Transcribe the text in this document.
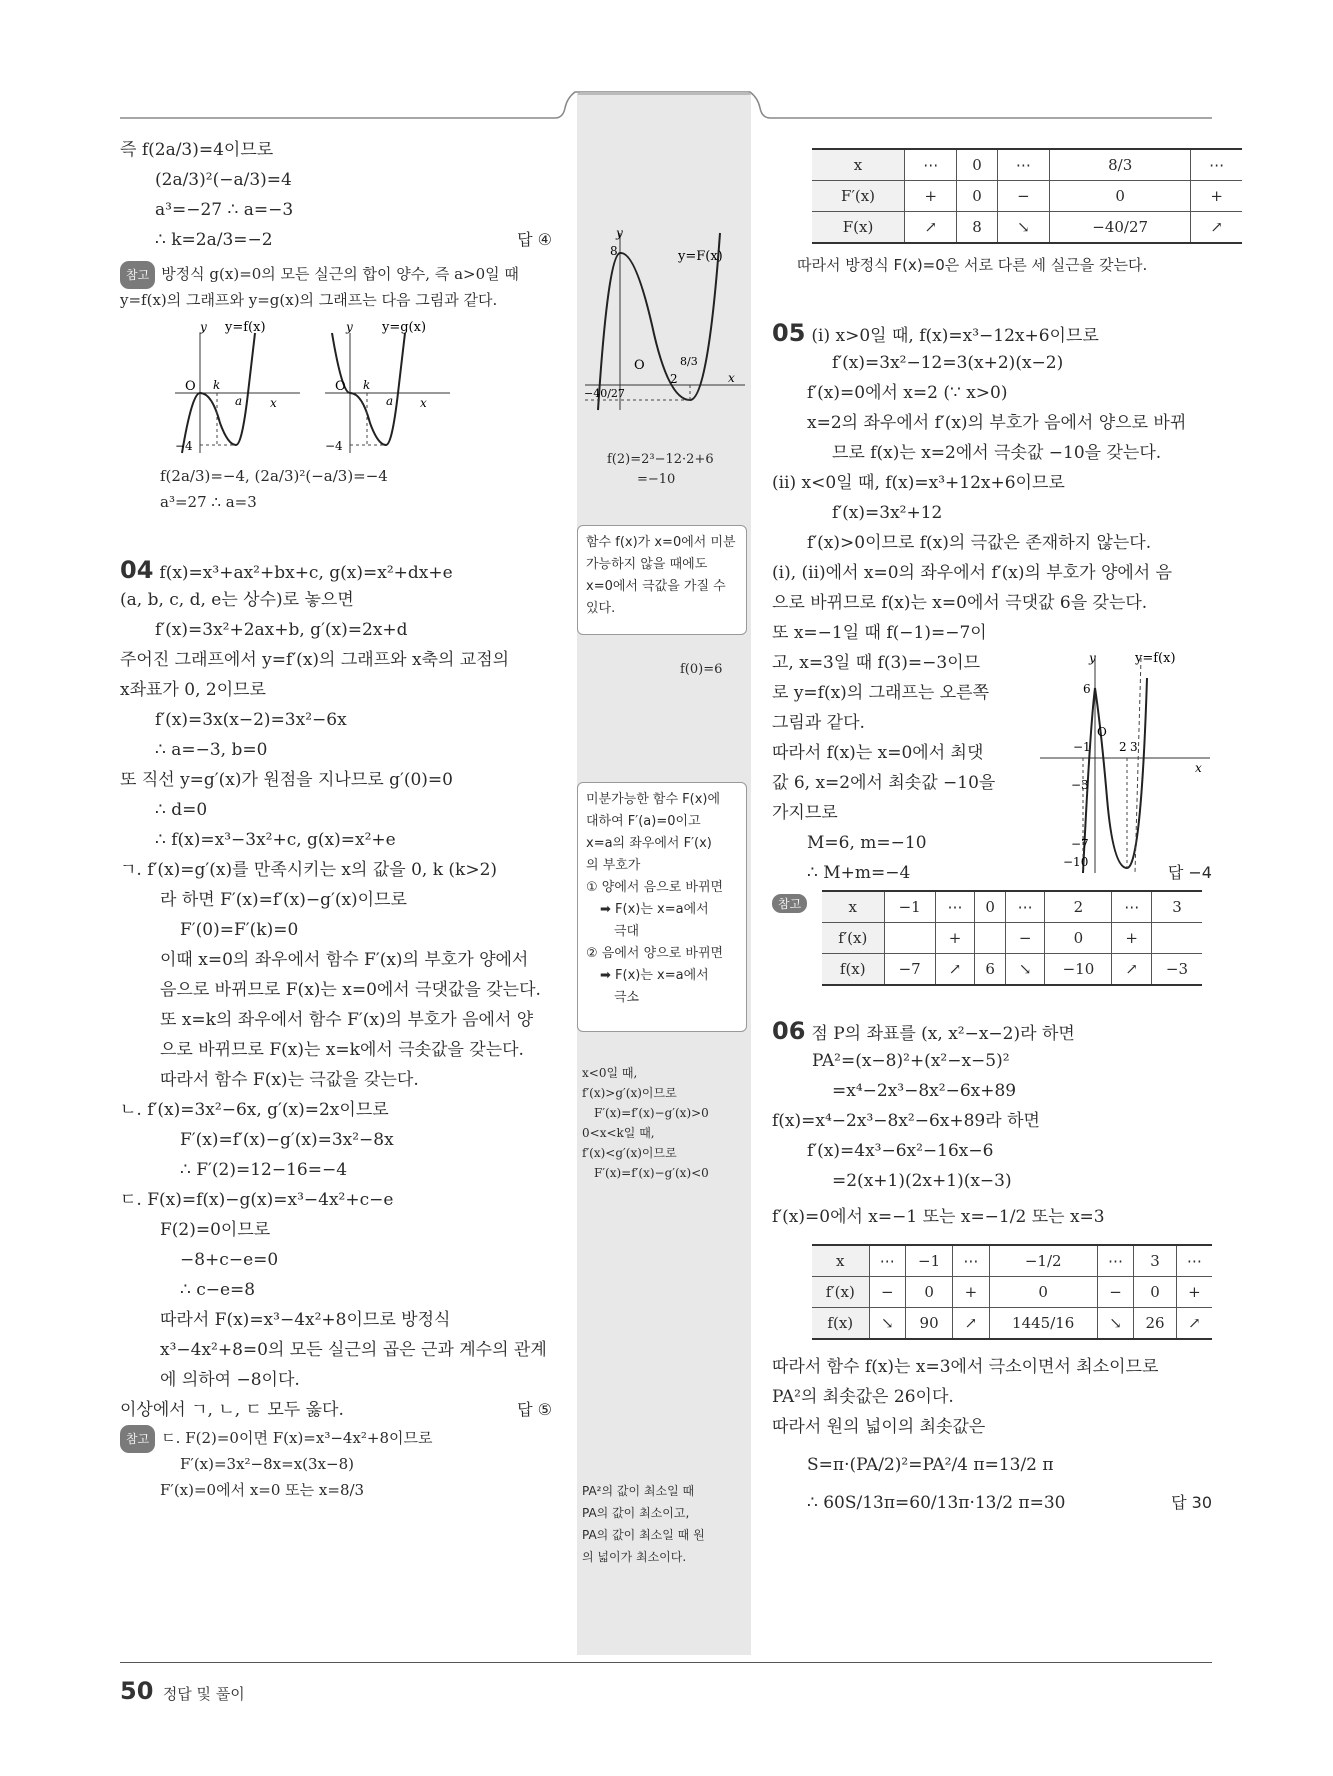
즉 f(2a/3)=4이므로
(2a/3)²(−a/3)=4
a³=−27 ∴ a=−3
∴ k=2a/3=−2	답 ④
참고 방정식 g(x)=0의 모든 실근의 합이 양수, 즉 a>0일 때
y=f(x)의 그래프와 y=g(x)의 그래프는 다음 그림과 같다.
y y=f(x)
O k
a x
−4
y y=g(x)
O k
a x
−4
f(2a/3)=−4, (2a/3)²(−a/3)=−4
a³=27 ∴ a=3
04 f(x)=x³+ax²+bx+c, g(x)=x²+dx+e
(a, b, c, d, e는 상수)로 놓으면
f′(x)=3x²+2ax+b, g′(x)=2x+d
주어진 그래프에서 y=f′(x)의 그래프와 x축의 교점의
x좌표가 0, 2이므로
f′(x)=3x(x−2)=3x²−6x
∴ a=−3, b=0
또 직선 y=g′(x)가 원점을 지나므로 g′(0)=0
∴ d=0
∴ f(x)=x³−3x²+c, g(x)=x²+e
ㄱ. f′(x)=g′(x)를 만족시키는 x의 값을 0, k (k>2)
라 하면 F′(x)=f′(x)−g′(x)이므로
F′(0)=F′(k)=0
이때 x=0의 좌우에서 함수 F′(x)의 부호가 양에서
음으로 바뀌므로 F(x)는 x=0에서 극댓값을 갖는다.
또 x=k의 좌우에서 함수 F′(x)의 부호가 음에서 양
으로 바뀌므로 F(x)는 x=k에서 극솟값을 갖는다.
따라서 함수 F(x)는 극값을 갖는다.
ㄴ. f′(x)=3x²−6x, g′(x)=2x이므로
F′(x)=f′(x)−g′(x)=3x²−8x
∴ F′(2)=12−16=−4
ㄷ. F(x)=f(x)−g(x)=x³−4x²+c−e
F(2)=0이므로
−8+c−e=0
∴ c−e=8
따라서 F(x)=x³−4x²+8이므로 방정식
x³−4x²+8=0의 모든 실근의 곱은 근과 계수의 관계
에 의하여 −8이다.
이상에서 ㄱ, ㄴ, ㄷ 모두 옳다.	답 ⑤
참고 ㄷ. F(2)=0이면 F(x)=x³−4x²+8이므로
F′(x)=3x²−8x=x(3x−8)
F′(x)=0에서 x=0 또는 x=8/3
y
y=F(x)
8
O
2
8/3
x
−40/27
f(2)=2³−12·2+6
=−10
함수 f(x)가 x=0에서 미분가능하지 않을 때에도 x=0에서 극값을 가질 수 있다.
f(0)=6
미분가능한 함수 F(x)에
대하여 F′(a)=0이고
x=a의 좌우에서 F′(x)
의 부호가
① 양에서 음으로 바뀌면
➡ F(x)는 x=a에서
극대
② 음에서 양으로 바뀌면
➡ F(x)는 x=a에서
극소
x<0일 때,
f′(x)>g′(x)이므로
F′(x)=f′(x)−g′(x)>0
0<x<k일 때,
f′(x)<g′(x)이므로
F′(x)=f′(x)−g′(x)<0
PA²의 값이 최소일 때
PA의 값이 최소이고,
PA의 값이 최소일 때 원
의 넓이가 최소이다.
x	⋯	0	⋯	8/3	⋯
F′(x)	+	0	−	0	+
F(x)	↗	8	↘	−40/27	↗
따라서 방정식 F(x)=0은 서로 다른 세 실근을 갖는다.
05 (ⅰ) x>0일 때, f(x)=x³−12x+6이므로
f′(x)=3x²−12=3(x+2)(x−2)
f′(x)=0에서 x=2 (∵ x>0)
x=2의 좌우에서 f′(x)의 부호가 음에서 양으로 바뀌
므로 f(x)는 x=2에서 극솟값 −10을 갖는다.
(ⅱ) x<0일 때, f(x)=x³+12x+6이므로
f′(x)=3x²+12
f′(x)>0이므로 f(x)의 극값은 존재하지 않는다.
(ⅰ), (ⅱ)에서 x=0의 좌우에서 f′(x)의 부호가 양에서 음
으로 바뀌므로 f(x)는 x=0에서 극댓값 6을 갖는다.
또 x=−1일 때 f(−1)=−7이
고, x=3일 때 f(3)=−3이므
로 y=f(x)의 그래프는 오른쪽
그림과 같다.
따라서 f(x)는 x=0에서 최댓
값 6, x=2에서 최솟값 −10을
가지므로
M=6, m=−10
∴ M+m=−4	답 −4
참고	x	−1	⋯	0	⋯	2	⋯	3
f′(x)		+		−	0	+	
f(x)	−7	↗	6	↘	−10	↗	−3
06 점 P의 좌표를 (x, x²−x−2)라 하면
PA²=(x−8)²+(x²−x−5)²
=x⁴−2x³−8x²−6x+89
f(x)=x⁴−2x³−8x²−6x+89라 하면
f′(x)=4x³−6x²−16x−6
=2(x+1)(2x+1)(x−3)
f′(x)=0에서 x=−1 또는 x=−1/2 또는 x=3
x	⋯	−1	⋯	−1/2	⋯	3	⋯
f′(x)	−	0	+	0	−	0	+
f(x)	↘	90	↗	1445/16	↘	26	↗
따라서 함수 f(x)는 x=3에서 극소이면서 최소이므로
PA²의 최솟값은 26이다.
따라서 원의 넓이의 최솟값은
S=π·(PA/2)²=PA²/4 π=13/2 π
∴ 60S/13π=60/13π·13/2 π=30	답 30
y	y=f(x)
6
O
−1 2 3
x
−3
−7
−10
50 정답 및 풀이
